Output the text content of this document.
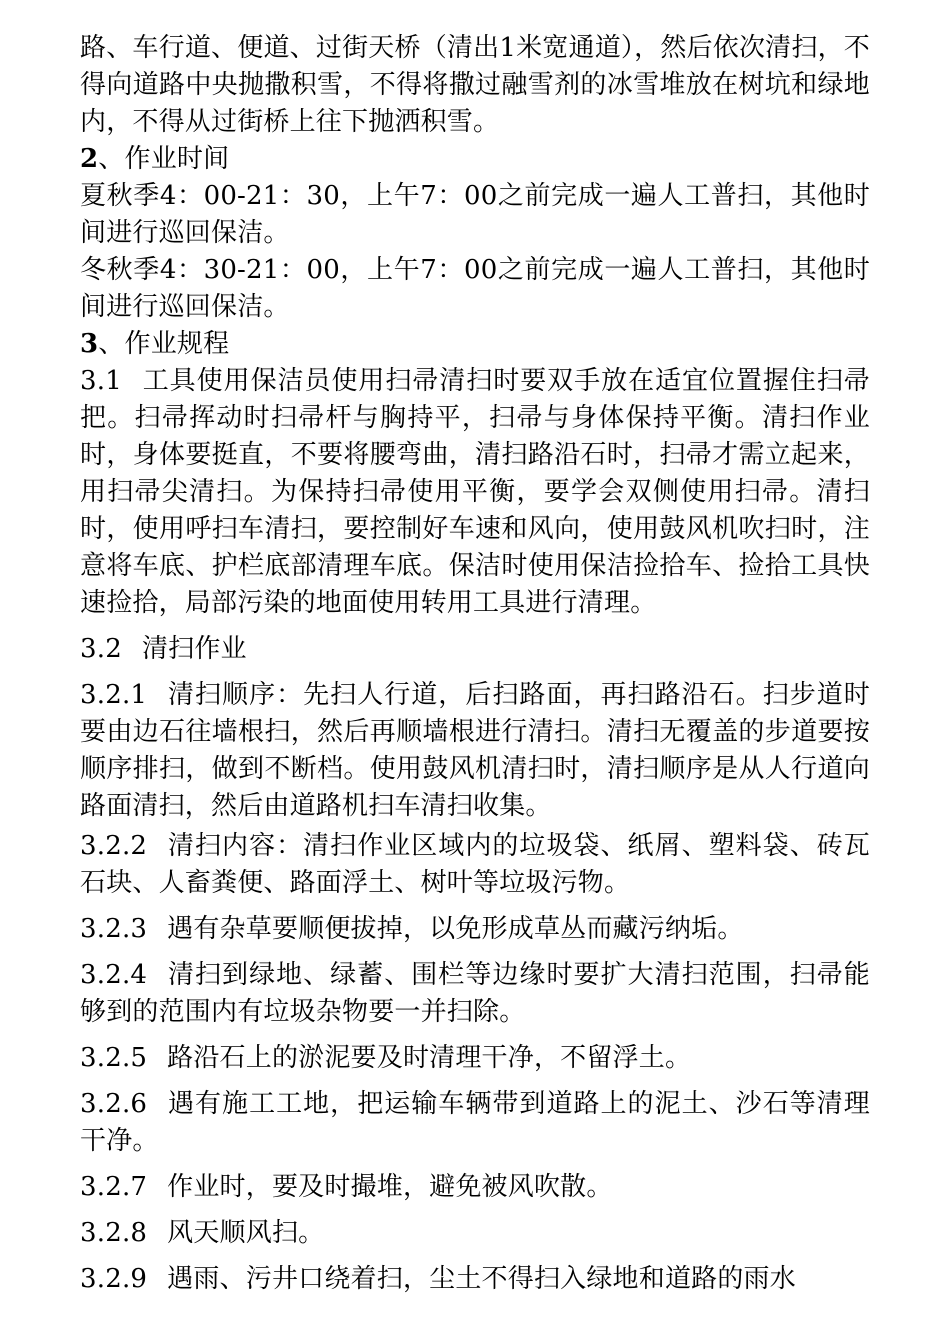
路、车行道、便道、过街天桥（清出1米宽通道），然后依次清扫，不得向道路中央抛撒积雪，不得将撒过融雪剂的冰雪堆放在树坑和绿地内，不得从过街桥上往下抛洒积雪。

2、作业时间

夏秋季4：00-21：30，上午7：00之前完成一遍人工普扫，其他时间进行巡回保洁。

冬秋季4：30-21：00，上午7：00之前完成一遍人工普扫，其他时间进行巡回保洁。

3、作业规程

3.1 工具使用保洁员使用扫帚清扫时要双手放在适宜位置握住扫帚把。扫帚挥动时扫帚杆与胸持平，扫帚与身体保持平衡。清扫作业时，身体要挺直，不要将腰弯曲，清扫路沿石时，扫帚才需立起来，用扫帚尖清扫。为保持扫帚使用平衡，要学会双侧使用扫帚。清扫时，使用呼扫车清扫，要控制好车速和风向，使用鼓风机吹扫时，注意将车底、护栏底部清理车底。保洁时使用保洁捡拾车、捡拾工具快速捡拾，局部污染的地面使用转用工具进行清理。

3.2 清扫作业

3.2.1 清扫顺序：先扫人行道，后扫路面，再扫路沿石。扫步道时要由边石往墙根扫，然后再顺墙根进行清扫。清扫无覆盖的步道要按顺序排扫，做到不断档。使用鼓风机清扫时，清扫顺序是从人行道向路面清扫，然后由道路机扫车清扫收集。

3.2.2 清扫内容：清扫作业区域内的垃圾袋、纸屑、塑料袋、砖瓦石块、人畜粪便、路面浮土、树叶等垃圾污物。

3.2.3 遇有杂草要顺便拔掉，以免形成草丛而藏污纳垢。

3.2.4 清扫到绿地、绿蓄、围栏等边缘时要扩大清扫范围，扫帚能够到的范围内有垃圾杂物要一并扫除。

3.2.5 路沿石上的淤泥要及时清理干净，不留浮土。

3.2.6 遇有施工工地，把运输车辆带到道路上的泥土、沙石等清理干净。

3.2.7 作业时，要及时撮堆，避免被风吹散。

3.2.8 风天顺风扫。

3.2.9 遇雨、污井口绕着扫，尘土不得扫入绿地和道路的雨水
